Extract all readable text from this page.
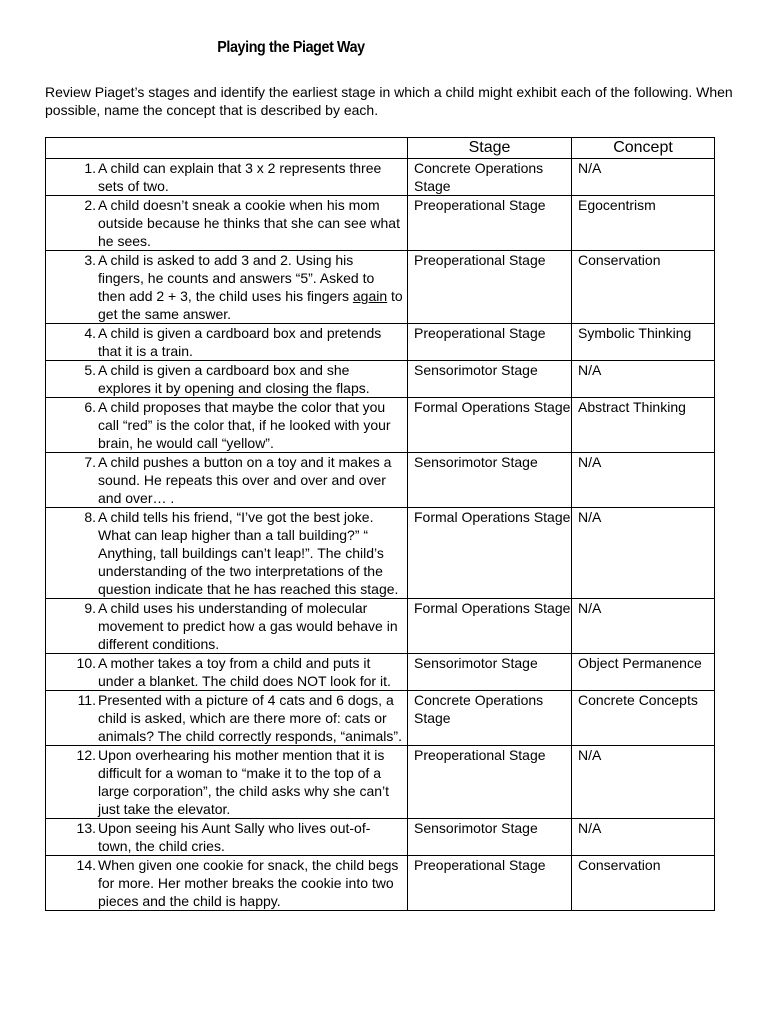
Playing the Piaget Way
Review Piaget’s stages and identify the earliest stage in which a child might exhibit each of the following. When possible, name the concept that is described by each.
	Stage	Concept

1. A child can explain that 3 x 2 represents three sets of two.	Concrete Operations Stage	N/A

2. A child doesn’t sneak a cookie when his mom outside because he thinks that she can see what he sees.	Preoperational Stage	Egocentrism

3. A child is asked to add 3 and 2. Using his fingers, he counts and answers “5”. Asked to then add 2 + 3, the child uses his fingers again to get the same answer.	Preoperational Stage	Conservation

4. A child is given a cardboard box and pretends that it is a train.	Preoperational Stage	Symbolic Thinking

5. A child is given a cardboard box and she explores it by opening and closing the flaps.	Sensorimotor Stage	N/A

6. A child proposes that maybe the color that you call “red” is the color that, if he looked with your brain, he would call “yellow”.	Formal Operations Stage	Abstract Thinking

7. A child pushes a button on a toy and it makes a sound. He repeats this over and over and over and over… .	Sensorimotor Stage	N/A

8. A child tells his friend, “I’ve got the best joke. What can leap higher than a tall building?” “ Anything, tall buildings can’t leap!”. The child’s understanding of the two interpretations of the question indicate that he has reached this stage.	Formal Operations Stage	N/A

9. A child uses his understanding of molecular movement to predict how a gas would behave in different conditions.	Formal Operations Stage	N/A

10. A mother takes a toy from a child and puts it under a blanket. The child does NOT look for it.	Sensorimotor Stage	Object Permanence

11. Presented with a picture of 4 cats and 6 dogs, a child is asked, which are there more of: cats or animals? The child correctly responds, “animals”.	Concrete Operations Stage	Concrete Concepts

12. Upon overhearing his mother mention that it is difficult for a woman to “make it to the top of a large corporation”, the child asks why she can’t just take the elevator.	Preoperational Stage	N/A

13. Upon seeing his Aunt Sally who lives out-of-town, the child cries.	Sensorimotor Stage	N/A

14. When given one cookie for snack, the child begs for more. Her mother breaks the cookie into two pieces and the child is happy.	Preoperational Stage	Conservation
